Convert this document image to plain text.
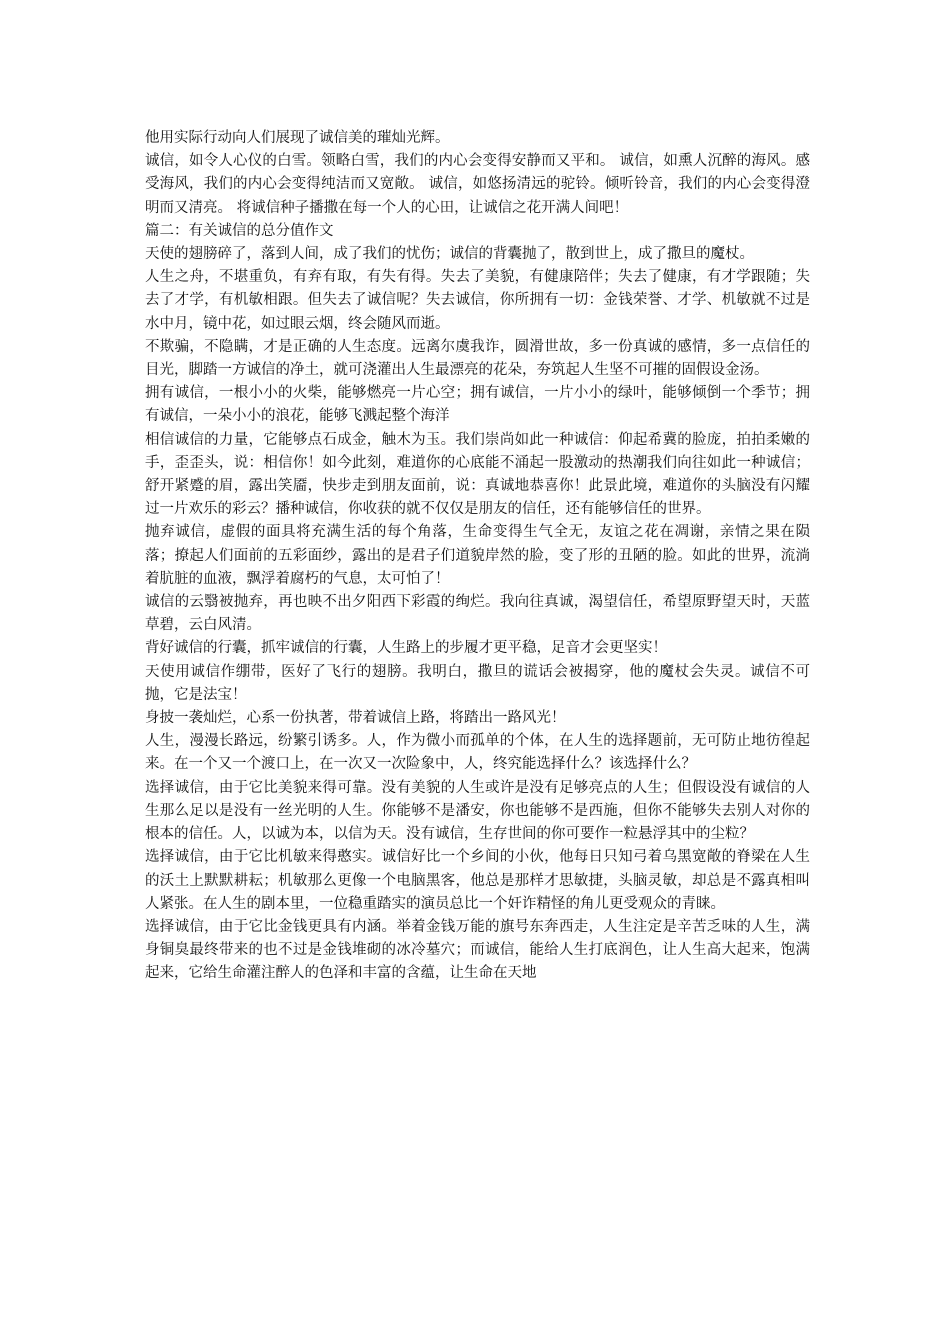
他用实际行动向人们展现了诚信美的璀灿光辉。

诚信，如令人心仪的白雪。领略白雪，我们的内心会变得安静而又平和。 诚信，如熏人沉醉的海风。感受海风，我们的内心会变得纯洁而又宽敞。 诚信，如悠扬清远的驼铃。倾听铃音，我们的内心会变得澄明而又清亮。 将诚信种子播撒在每一个人的心田，让诚信之花开满人间吧！

篇二：有关诚信的总分值作文

天使的翅膀碎了，落到人间，成了我们的忧伤；诚信的背囊抛了，散到世上，成了撒旦的魔杖。

人生之舟，不堪重负，有弃有取，有失有得。失去了美貌，有健康陪伴；失去了健康，有才学跟随；失去了才学，有机敏相跟。但失去了诚信呢？失去诚信，你所拥有一切：金钱荣誉、才学、机敏就不过是水中月，镜中花，如过眼云烟，终会随风而逝。

不欺骗，不隐瞒，才是正确的人生态度。远离尔虞我诈，圆滑世故，多一份真诚的感情，多一点信任的目光，脚踏一方诚信的净土，就可浇灌出人生最漂亮的花朵，夯筑起人生坚不可摧的固假设金汤。

拥有诚信，一根小小的火柴，能够燃亮一片心空；拥有诚信，一片小小的绿叶，能够倾倒一个季节；拥有诚信，一朵小小的浪花，能够飞溅起整个海洋

相信诚信的力量，它能够点石成金，触木为玉。我们崇尚如此一种诚信：仰起希冀的脸庞，拍拍柔嫩的手，歪歪头，说：相信你！如今此刻，难道你的心底能不涌起一股激动的热潮我们向往如此一种诚信；舒开紧蹙的眉，露出笑靥，快步走到朋友面前，说：真诚地恭喜你！此景此境，难道你的头脑没有闪耀过一片欢乐的彩云？播种诚信，你收获的就不仅仅是朋友的信任，还有能够信任的世界。

抛弃诚信，虚假的面具将充满生活的每个角落，生命变得生气全无，友谊之花在凋谢，亲情之果在陨落；撩起人们面前的五彩面纱，露出的是君子们道貌岸然的脸，变了形的丑陋的脸。如此的世界，流淌着肮脏的血液，飘浮着腐朽的气息，太可怕了！

诚信的云翳被抛弃，再也映不出夕阳西下彩霞的绚烂。我向往真诚，渴望信任，希望原野望天时，天蓝草碧，云白风清。

背好诚信的行囊，抓牢诚信的行囊，人生路上的步履才更平稳，足音才会更坚实！

天使用诚信作绷带，医好了飞行的翅膀。我明白，撒旦的谎话会被揭穿，他的魔杖会失灵。诚信不可抛，它是法宝！

身披一袭灿烂，心系一份执著，带着诚信上路，将踏出一路风光！

人生，漫漫长路远，纷繁引诱多。人，作为微小而孤单的个体，在人生的选择题前，无可防止地彷徨起来。在一个又一个渡口上，在一次又一次险象中，人，终究能选择什么？该选择什么？

选择诚信，由于它比美貌来得可靠。没有美貌的人生或许是没有足够亮点的人生；但假设没有诚信的人生那么足以是没有一丝光明的人生。你能够不是潘安，你也能够不是西施，但你不能够失去别人对你的根本的信任。人，以诚为本，以信为天。没有诚信，生存世间的你可要作一粒悬浮其中的尘粒？

选择诚信，由于它比机敏来得憨实。诚信好比一个乡间的小伙，他每日只知弓着乌黑宽敞的脊梁在人生的沃土上默默耕耘；机敏那么更像一个电脑黑客，他总是那样才思敏捷，头脑灵敏，却总是不露真相叫人紧张。在人生的剧本里，一位稳重踏实的演员总比一个奸诈精怪的角儿更受观众的青睐。

选择诚信，由于它比金钱更具有内涵。举着金钱万能的旗号东奔西走，人生注定是辛苦乏味的人生，满身铜臭最终带来的也不过是金钱堆砌的冰冷墓穴；而诚信，能给人生打底润色，让人生高大起来，饱满起来，它给生命灌注醉人的色泽和丰富的含蕴，让生命在天地
